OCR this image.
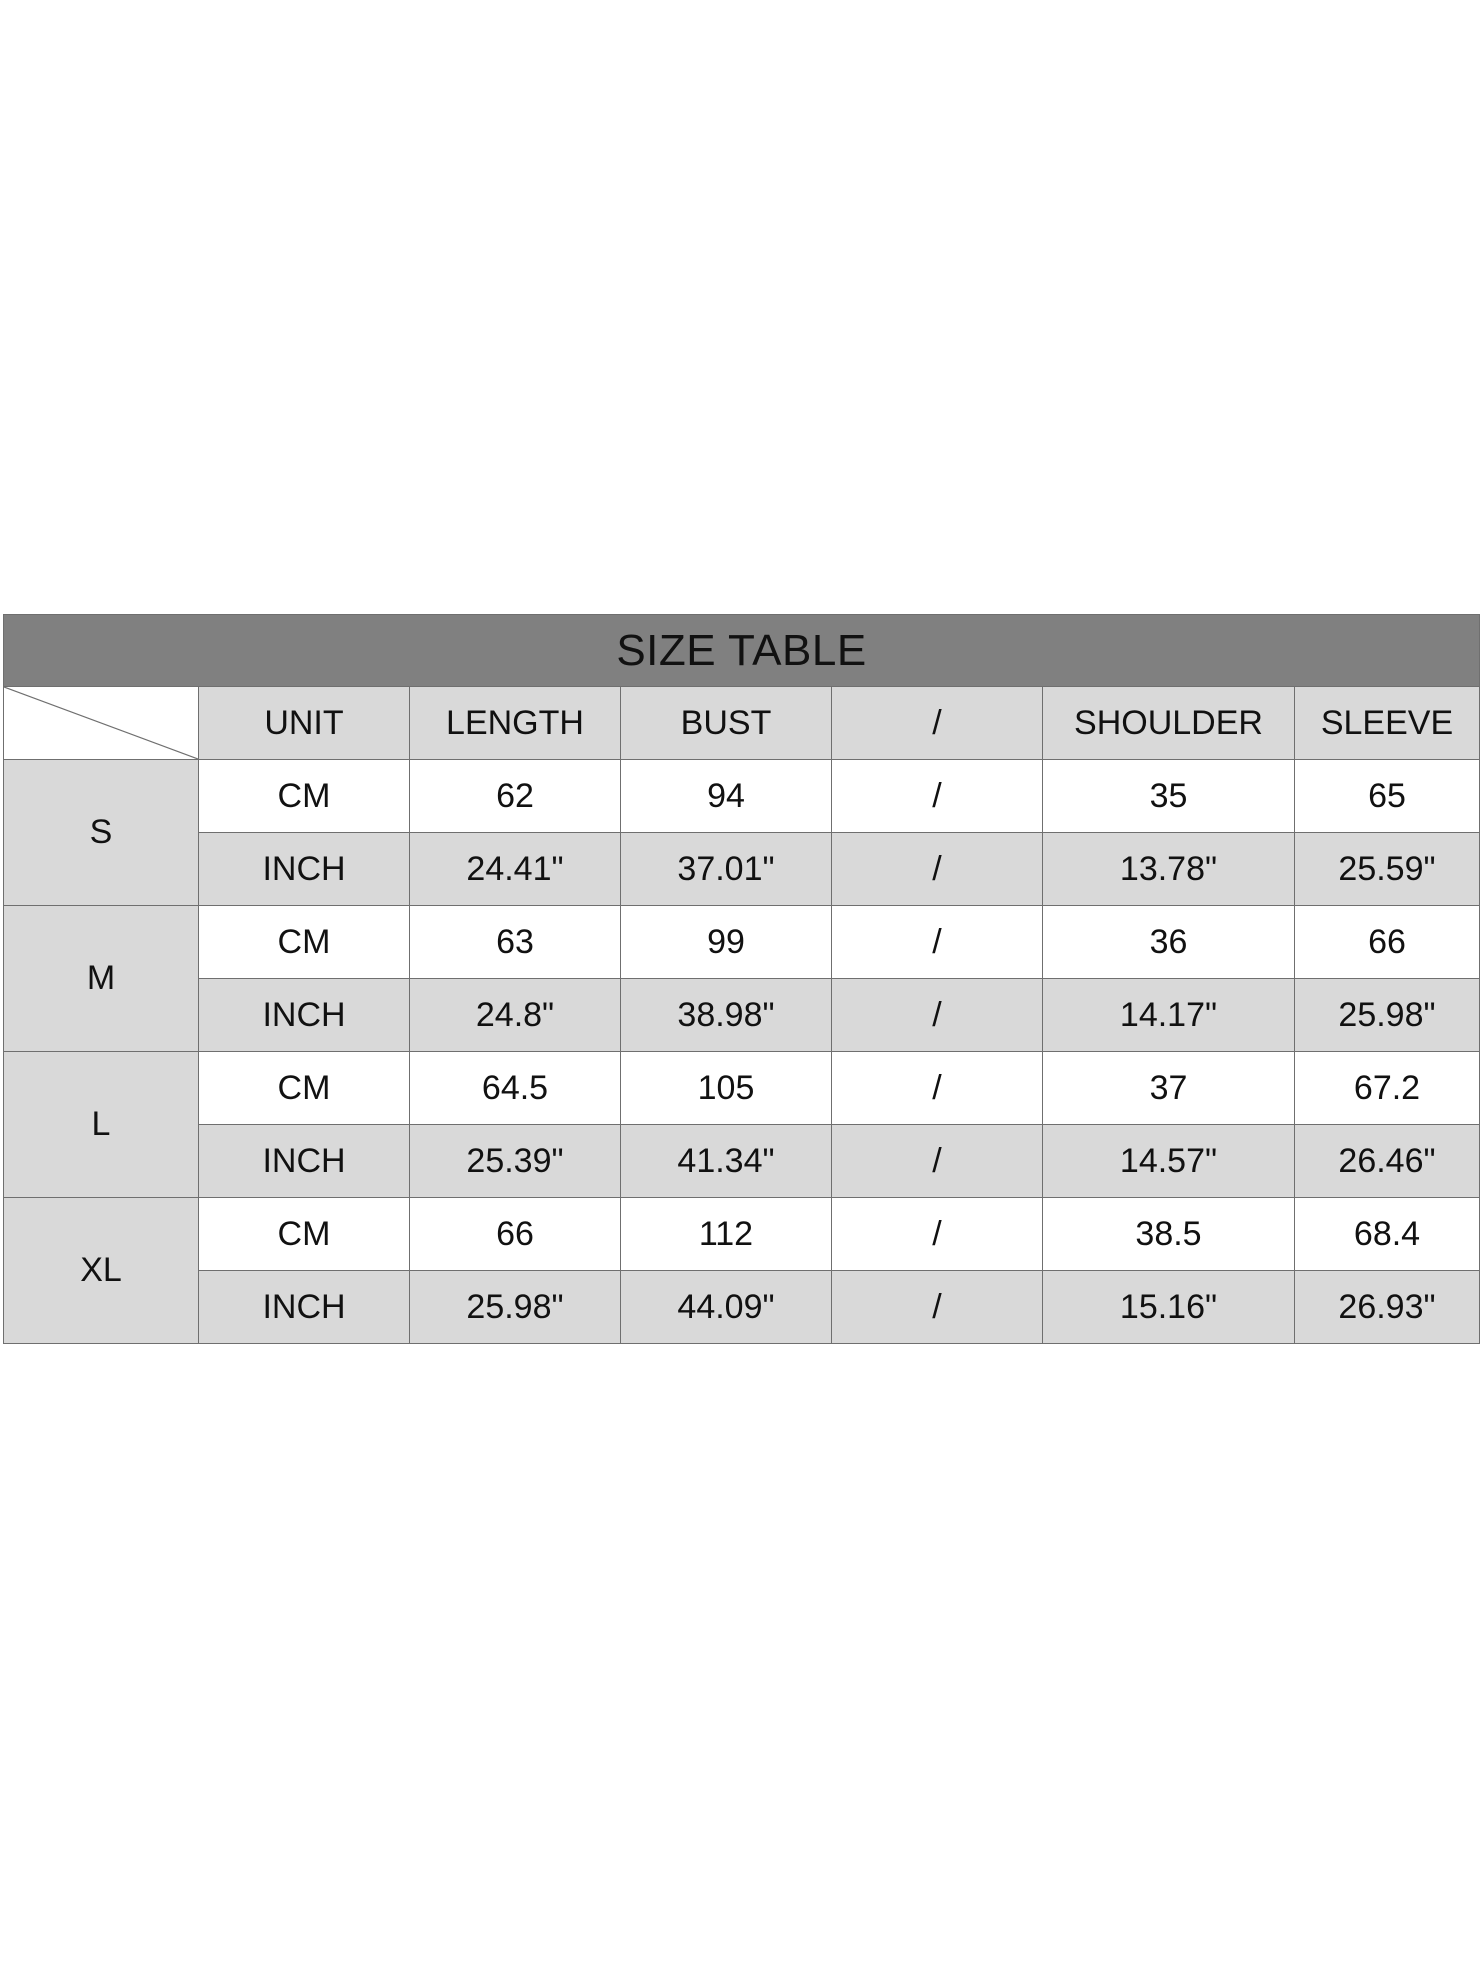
SIZE TABLE						

	UNIT	LENGTH	BUST	/	SHOULDER	SLEEVE
S	CM	62	94	/	35	65
	INCH	24.41"	37.01"	/	13.78"	25.59"
M	CM	63	99	/	36	66
	INCH	24.8"	38.98"	/	14.17"	25.98"
L	CM	64.5	105	/	37	67.2
	INCH	25.39"	41.34"	/	14.57"	26.46"
XL	CM	66	112	/	38.5	68.4
	INCH	25.98"	44.09"	/	15.16"	26.93"
